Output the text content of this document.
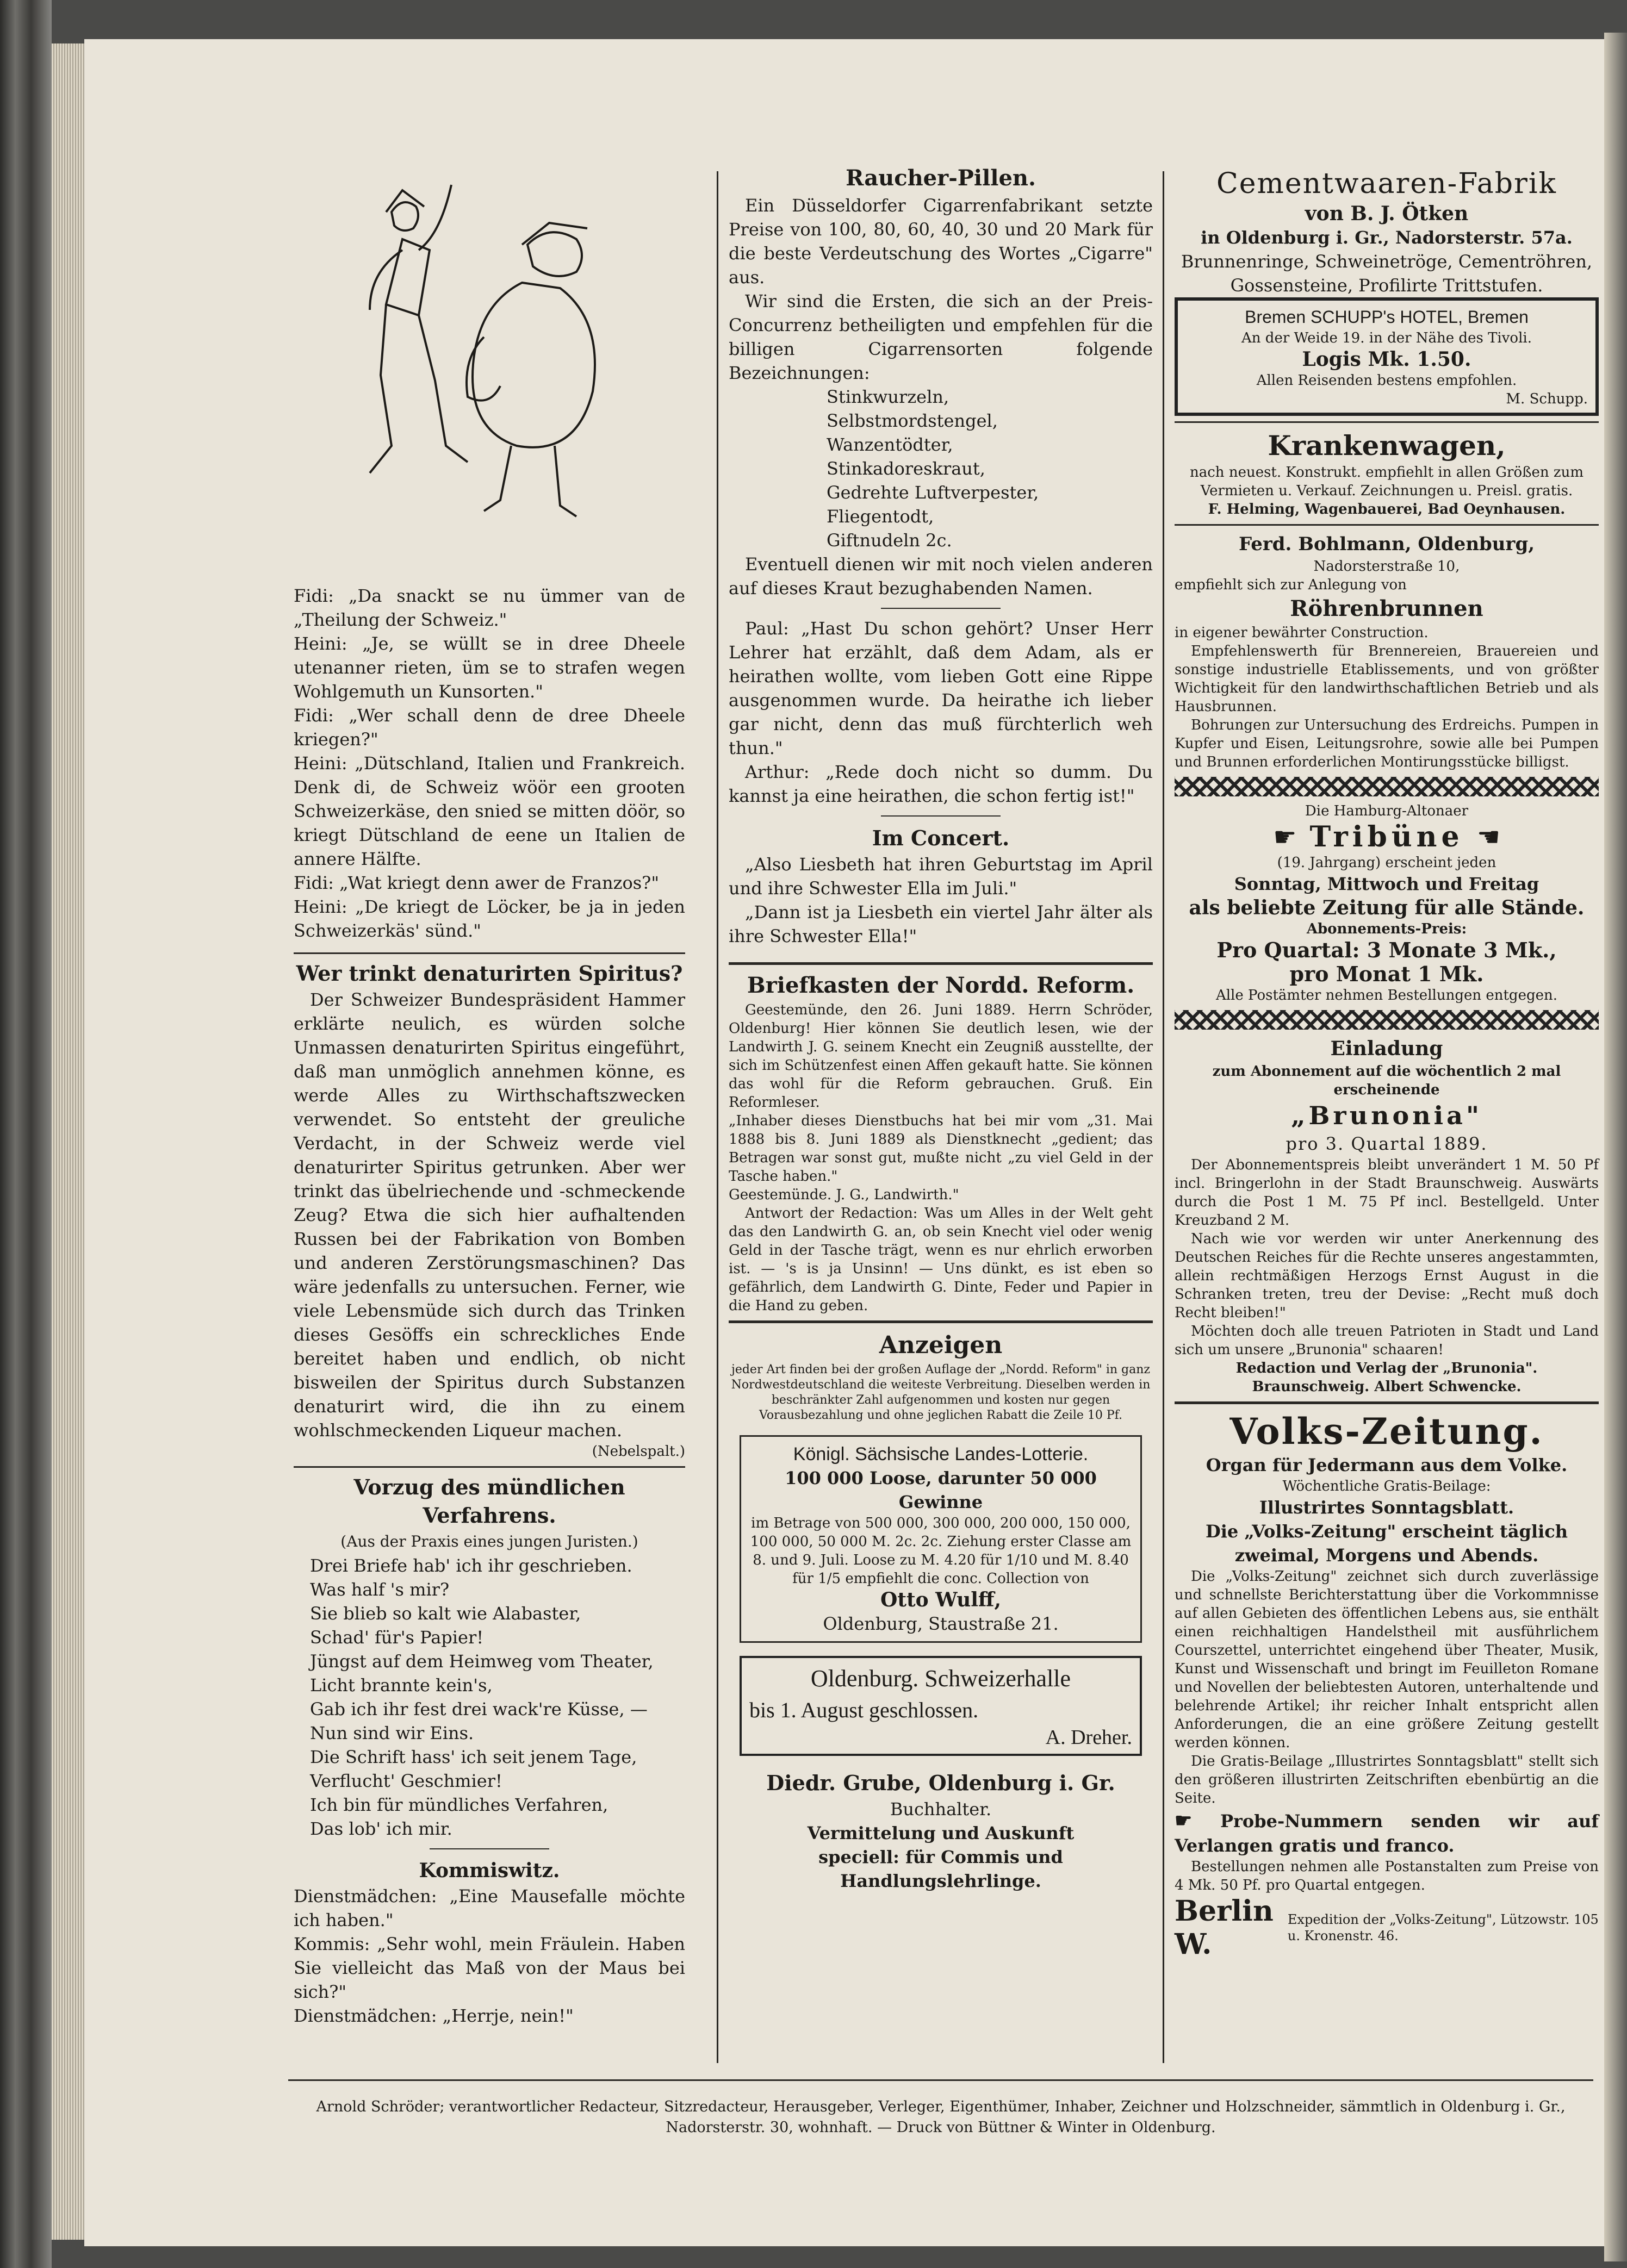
Fidi: „Da snackt se nu ümmer van de „Theilung der Schweiz."

Heini: „Je, se wüllt se in dree Dheele utenanner rieten, üm se to strafen wegen Wohlgemuth un Kunsorten."

Fidi: „Wer schall denn de dree Dheele kriegen?"

Heini: „Dütschland, Italien und Frankreich. Denk di, de Schweiz wöör een grooten Schweizerkäse, den snied se mitten döör, so kriegt Dütschland de eene un Italien de annere Hälfte.

Fidi: „Wat kriegt denn awer de Franzos?"

Heini: „De kriegt de Löcker, be ja in jeden Schweizerkäs' sünd."

Wer trinkt denaturirten Spiritus?

Der Schweizer Bundespräsident Hammer erklärte neulich, es würden solche Unmassen denaturirten Spiritus eingeführt, daß man unmöglich annehmen könne, es werde Alles zu Wirthschaftszwecken verwendet. So entsteht der greuliche Verdacht, in der Schweiz werde viel denaturirter Spiritus getrunken. Aber wer trinkt das übelriechende und -schmeckende Zeug? Etwa die sich hier aufhaltenden Russen bei der Fabrikation von Bomben und anderen Zerstörungsmaschinen? Das wäre jedenfalls zu untersuchen. Ferner, wie viele Lebensmüde sich durch das Trinken dieses Gesöffs ein schreckliches Ende bereitet haben und endlich, ob nicht bisweilen der Spiritus durch Substanzen denaturirt wird, die ihn zu einem wohlschmeckenden Liqueur machen.

(Nebelspalt.)

Vorzug des mündlichen Verfahrens.

(Aus der Praxis eines jungen Juristen.)

Drei Briefe hab' ich ihr geschrieben.

Was half 's mir?

Sie blieb so kalt wie Alabaster,

Schad' für's Papier!

Jüngst auf dem Heimweg vom Theater,

Licht brannte kein's,

Gab ich ihr fest drei wack're Küsse, —

Nun sind wir Eins.

Die Schrift hass' ich seit jenem Tage,

Verflucht' Geschmier!

Ich bin für mündliches Verfahren,

Das lob' ich mir.

Kommiswitz.

Dienstmädchen: „Eine Mausefalle möchte ich haben."

Kommis: „Sehr wohl, mein Fräulein. Haben Sie vielleicht das Maß von der Maus bei sich?"

Dienstmädchen: „Herrje, nein!"

Raucher-Pillen.

Ein Düsseldorfer Cigarrenfabrikant setzte Preise von 100, 80, 60, 40, 30 und 20 Mark für die beste Verdeutschung des Wortes „Cigarre" aus.

Wir sind die Ersten, die sich an der Preis-Concurrenz betheiligten und empfehlen für die billigen Cigarrensorten folgende Bezeichnungen:

Stinkwurzeln,

Selbstmordstengel,

Wanzentödter,

Stinkadoreskraut,

Gedrehte Luftverpester,

Fliegentodt,

Giftnudeln 2c.

Eventuell dienen wir mit noch vielen anderen auf dieses Kraut bezughabenden Namen.

Paul: „Hast Du schon gehört? Unser Herr Lehrer hat erzählt, daß dem Adam, als er heirathen wollte, vom lieben Gott eine Rippe ausgenommen wurde. Da heirathe ich lieber gar nicht, denn das muß fürchterlich weh thun."

Arthur: „Rede doch nicht so dumm. Du kannst ja eine heirathen, die schon fertig ist!"

Im Concert.

„Also Liesbeth hat ihren Geburtstag im April und ihre Schwester Ella im Juli."

„Dann ist ja Liesbeth ein viertel Jahr älter als ihre Schwester Ella!"

Briefkasten der Nordd. Reform.

Geestemünde, den 26. Juni 1889. Herrn Schröder, Oldenburg! Hier können Sie deutlich lesen, wie der Landwirth J. G. seinem Knecht ein Zeugniß ausstellte, der sich im Schützenfest einen Affen gekauft hatte. Sie können das wohl für die Reform gebrauchen. Gruß. Ein Reformleser.

„Inhaber dieses Dienstbuchs hat bei mir vom „31. Mai 1888 bis 8. Juni 1889 als Dienstknecht „gedient; das Betragen war sonst gut, mußte nicht „zu viel Geld in der Tasche haben."

Geestemünde. J. G., Landwirth."

Antwort der Redaction: Was um Alles in der Welt geht das den Landwirth G. an, ob sein Knecht viel oder wenig Geld in der Tasche trägt, wenn es nur ehrlich erworben ist. — 's is ja Unsinn! — Uns dünkt, es ist eben so gefährlich, dem Landwirth G. Dinte, Feder und Papier in die Hand zu geben.

Anzeigen

jeder Art finden bei der großen Auflage der „Nordd. Reform" in ganz Nordwestdeutschland die weiteste Verbreitung. Dieselben werden in beschränkter Zahl aufgenommen und kosten nur gegen Vorausbezahlung und ohne jeglichen Rabatt die Zeile 10 Pf.

Königl. Sächsische Landes-Lotterie.

100 000 Loose, darunter 50 000 Gewinne

im Betrage von 500 000, 300 000, 200 000, 150 000, 100 000, 50 000 M. 2c. 2c. Ziehung erster Classe am 8. und 9. Juli. Loose zu M. 4.20 für 1/10 und M. 8.40 für 1/5 empfiehlt die conc. Collection von

Otto Wulff,

Oldenburg, Staustraße 21.

Oldenburg. Schweizerhalle

bis 1. August geschlossen.

A. Dreher.

Diedr. Grube, Oldenburg i. Gr.

Buchhalter.

Vermittelung und Auskunft

speciell: für Commis und Handlungslehrlinge.

Cementwaaren-Fabrik

von B. J. Ötken

in Oldenburg i. Gr., Nadorsterstr. 57a.

Brunnenringe, Schweinetröge, Cementröhren, Gossensteine, Profilirte Trittstufen.

Bremen SCHUPP's HOTEL, Bremen

An der Weide 19. in der Nähe des Tivoli.

Logis Mk. 1.50.

Allen Reisenden bestens empfohlen.

M. Schupp.

Krankenwagen,

nach neuest. Konstrukt. empfiehlt in allen Größen zum Vermieten u. Verkauf. Zeichnungen u. Preisl. gratis.

F. Helming, Wagenbauerei, Bad Oeynhausen.

Ferd. Bohlmann, Oldenburg,

Nadorsterstraße 10,

empfiehlt sich zur Anlegung von

Röhrenbrunnen

in eigener bewährter Construction.

Empfehlenswerth für Brennereien, Brauereien und sonstige industrielle Etablissements, und von größter Wichtigkeit für den landwirthschaftlichen Betrieb und als Hausbrunnen.

Bohrungen zur Untersuchung des Erdreichs. Pumpen in Kupfer und Eisen, Leitungsrohre, sowie alle bei Pumpen und Brunnen erforderlichen Montirungsstücke billigst.

Die Hamburg-Altonaer

☛ Tribüne ☛

(19. Jahrgang) erscheint jeden

Sonntag, Mittwoch und Freitag

als beliebte Zeitung für alle Stände.

Abonnements-Preis:

Pro Quartal: 3 Monate 3 Mk.,

pro Monat 1 Mk.

Alle Postämter nehmen Bestellungen entgegen.

Einladung

zum Abonnement auf die wöchentlich 2 mal erscheinende

„Brunonia"

pro 3. Quartal 1889.

Der Abonnementspreis bleibt unverändert 1 M. 50 Pf incl. Bringerlohn in der Stadt Braunschweig. Auswärts durch die Post 1 M. 75 Pf incl. Bestellgeld. Unter Kreuzband 2 M.

Nach wie vor werden wir unter Anerkennung des Deutschen Reiches für die Rechte unseres angestammten, allein rechtmäßigen Herzogs Ernst August in die Schranken treten, treu der Devise: „Recht muß doch Recht bleiben!"

Möchten doch alle treuen Patrioten in Stadt und Land sich um unsere „Brunonia" schaaren!

Redaction und Verlag der „Brunonia".

Braunschweig. Albert Schwencke.

Volks-Zeitung.

Organ für Jedermann aus dem Volke.

Wöchentliche Gratis-Beilage:

Illustrirtes Sonntagsblatt.

Die „Volks-Zeitung" erscheint täglich zweimal, Morgens und Abends.

Die „Volks-Zeitung" zeichnet sich durch zuverlässige und schnellste Berichterstattung über die Vorkommnisse auf allen Gebieten des öffentlichen Lebens aus, sie enthält einen reichhaltigen Handelstheil mit ausführlichem Courszettel, unterrichtet eingehend über Theater, Musik, Kunst und Wissenschaft und bringt im Feuilleton Romane und Novellen der beliebtesten Autoren, unterhaltende und belehrende Artikel; ihr reicher Inhalt entspricht allen Anforderungen, die an eine größere Zeitung gestellt werden können.

Die Gratis-Beilage „Illustrirtes Sonntagsblatt" stellt sich den größeren illustrirten Zeitschriften ebenbürtig an die Seite.

☛ Probe-Nummern senden wir auf Verlangen gratis und franco.

Bestellungen nehmen alle Postanstalten zum Preise von 4 Mk. 50 Pf. pro Quartal entgegen.

Berlin W.
Expedition der „Volks-Zeitung", Lützowstr. 105 u. Kronenstr. 46.

Arnold Schröder; verantwortlicher Redacteur, Sitzredacteur, Herausgeber, Verleger, Eigenthümer, Inhaber, Zeichner und Holzschneider, sämmtlich in Oldenburg i. Gr., Nadorsterstr. 30, wohnhaft. — Druck von Büttner & Winter in Oldenburg.
